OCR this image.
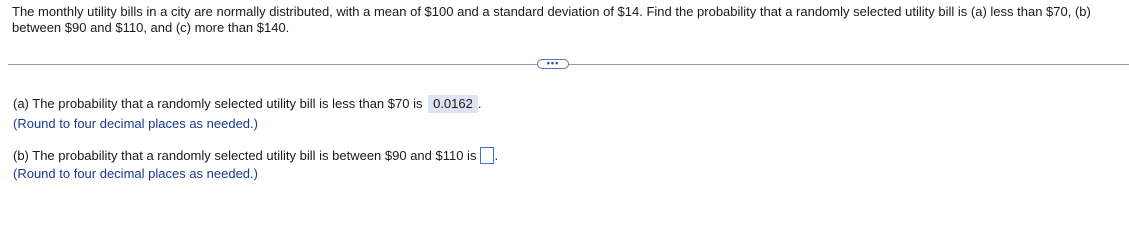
The monthly utility bills in a city are normally distributed, with a mean of $100 and a standard deviation of $14. Find the probability that a randomly selected utility bill is (a) less than $70, (b) between $90 and $110, and (c) more than $140.
•••
(a) The probability that a randomly selected utility bill is less than $70 is 0.0162 .
(Round to four decimal places as needed.)
(b) The probability that a randomly selected utility bill is between $90 and $110 is .
(Round to four decimal places as needed.)
